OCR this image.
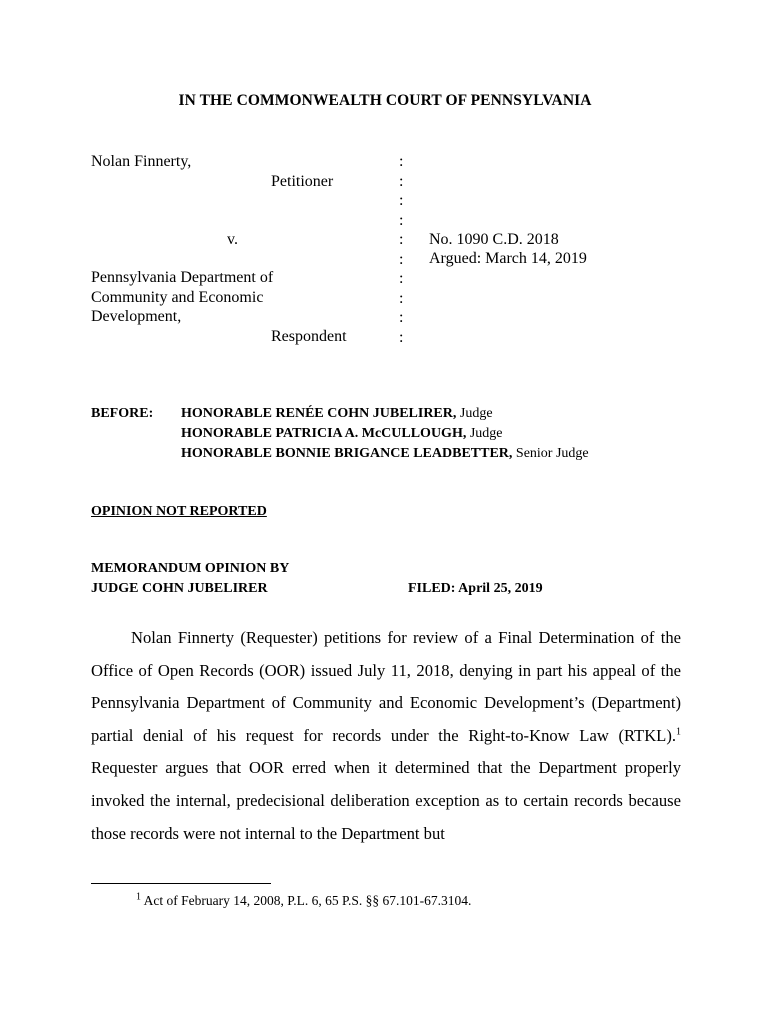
IN THE COMMONWEALTH COURT OF PENNSYLVANIA
Nolan Finnerty,
Petitioner
v.
Pennsylvania Department of
Community and Economic
Development,
Respondent
:
:
:
:
:
:
:
:
:
:
No. 1090 C.D. 2018
Argued: March 14, 2019
BEFORE: HONORABLE RENÉE COHN JUBELIRER, Judge
HONORABLE PATRICIA A. McCULLOUGH, Judge
HONORABLE BONNIE BRIGANCE LEADBETTER, Senior Judge
OPINION NOT REPORTED
MEMORANDUM OPINION BY
JUDGE COHN JUBELIRER	FILED: April 25, 2019

Nolan Finnerty (Requester) petitions for review of a Final Determination of the Office of Open Records (OOR) issued July 11, 2018, denying in part his appeal of the Pennsylvania Department of Community and Economic Development’s (Department) partial denial of his request for records under the Right-to-Know Law (RTKL).$^1$ Requester argues that OOR erred when it determined that the Department properly invoked the internal, predecisional deliberation exception as to certain records because those records were not internal to the Department but

$^1$ Act of February 14, 2008, P.L. 6, 65 P.S. §§ 67.101-67.3104.
